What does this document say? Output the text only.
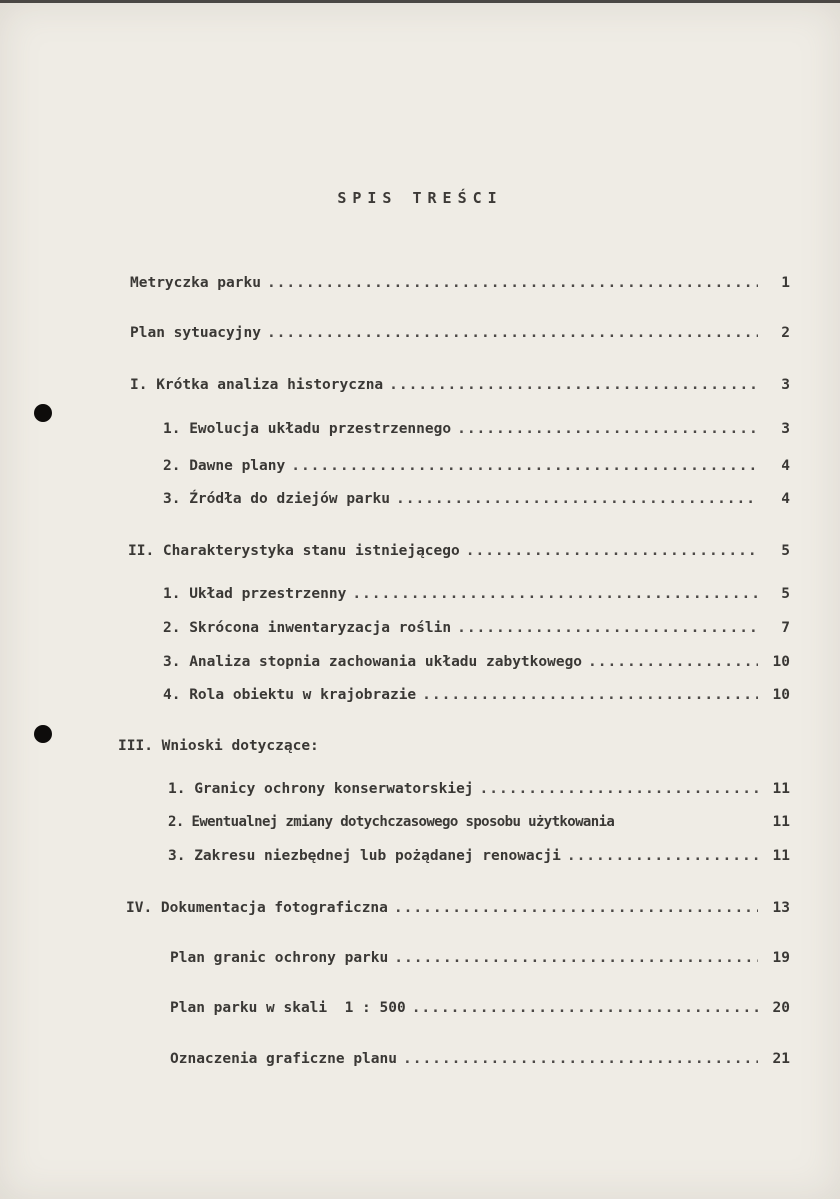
SPIS TREŚCI
Metryczka parku .....	1
Plan sytuacyjny .....	2
I. Krótka analiza historyczna .....	3
1. Ewolucja układu przestrzennego .....	3
2. Dawne plany .....	4
3. Źródła do dziejów parku .....	4
II. Charakterystyka stanu istniejącego .....	5
1. Układ przestrzenny .....	5
2. Skrócona inwentaryzacja roślin .....	7
3. Analiza stopnia zachowania układu zabytkowego .....	10
4. Rola obiektu w krajobrazie .....	10
III. Wnioski dotyczące:
1. Granicy ochrony konserwatorskiej .....	11
2. Ewentualnej zmiany dotychczasowego sposobu użytkowania	11
3. Zakresu niezbędnej lub pożądanej renowacji .....	11
IV. Dokumentacja fotograficzna .....	13
Plan granic ochrony parku .....	19
Plan parku w skali  1 : 500 .....	20
Oznaczenia graficzne planu .....	21
